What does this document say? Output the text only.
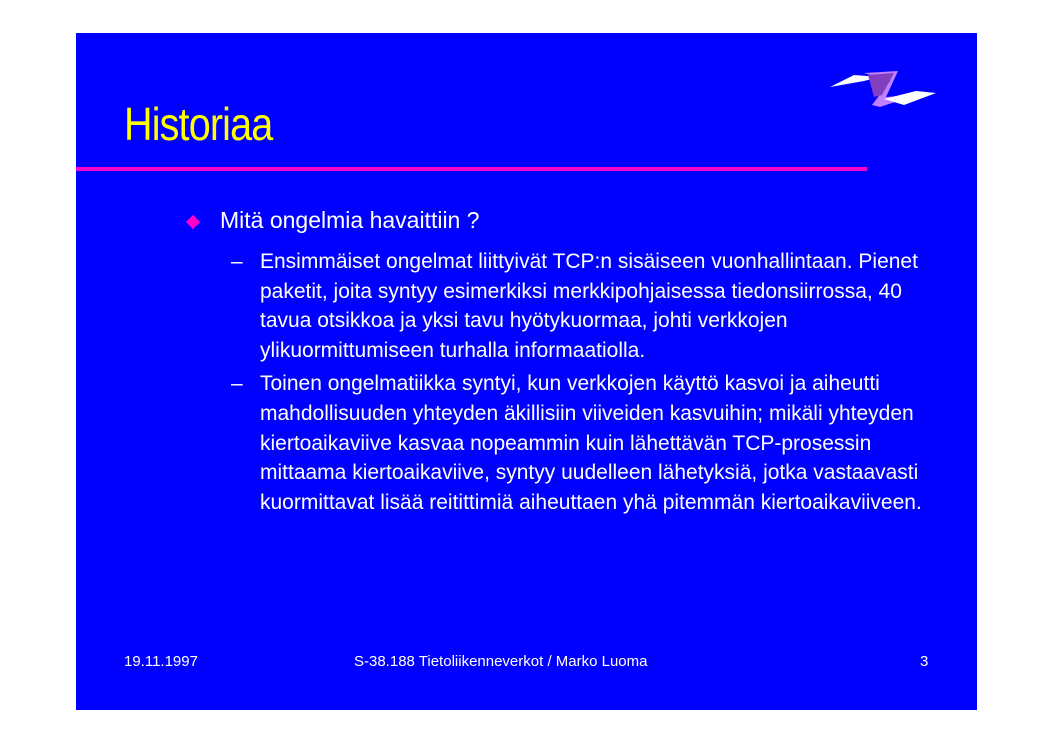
Historiaa
Mitä ongelmia havaittiin ?
– Ensimmäiset ongelmat liittyivät TCP:n sisäiseen vuonhallintaan. Pienet paketit, joita syntyy esimerkiksi merkkipohjaisessa tiedonsiirrossa, 40 tavua otsikkoa ja yksi tavu hyötykuormaa, johti verkkojen ylikuormittumiseen turhalla informaatiolla.
– Toinen ongelmatiikka syntyi, kun verkkojen käyttö kasvoi ja aiheutti mahdollisuuden yhteyden äkillisiin viiveiden kasvuihin; mikäli yhteyden kiertoaikaviive kasvaa nopeammin kuin lähettävän TCP-prosessin mittaama kiertoaikaviive, syntyy uudelleen lähetyksiä, jotka vastaavasti kuormittavat lisää reitittimiä aiheuttaen yhä pitemmän kiertoaikaviiveen.
19.11.1997	S-38.188 Tietoliikenneverkot / Marko Luoma	3
